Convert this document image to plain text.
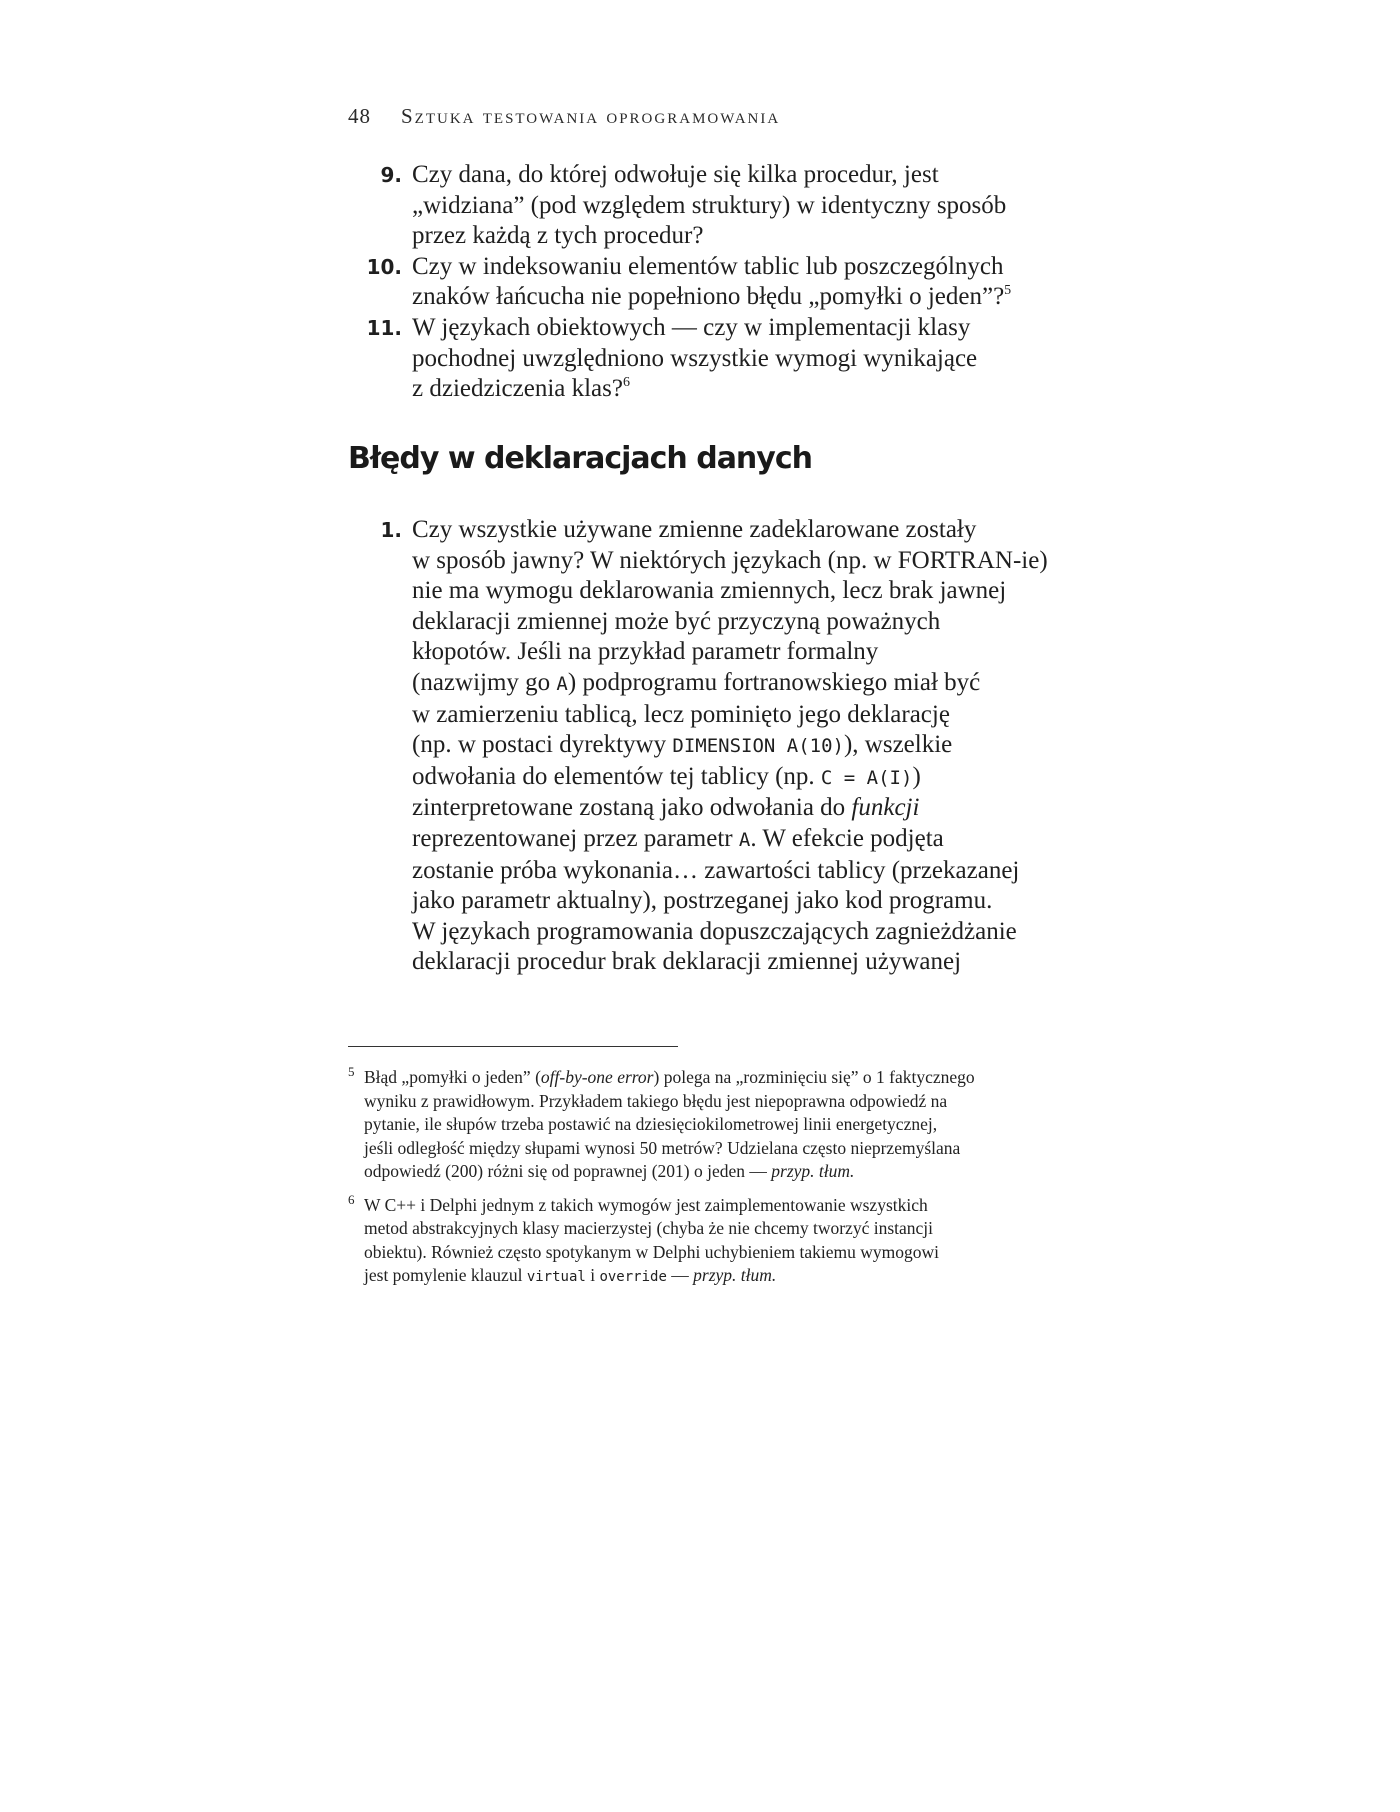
48 Sztuka testowania oprogramowania
9. Czy dana, do której odwołuje się kilka procedur, jest
„widziana” (pod względem struktury) w identyczny sposób
przez każdą z tych procedur?
10. Czy w indeksowaniu elementów tablic lub poszczególnych
znaków łańcucha nie popełniono błędu „pomyłki o jeden”?$^5$
11. W językach obiektowych — czy w implementacji klasy
pochodnej uwzględniono wszystkie wymogi wynikające
z dziedziczenia klas?$^6$
Błędy w deklaracjach danych
1. Czy wszystkie używane zmienne zadeklarowane zostały
w sposób jawny? W niektórych językach (np. w FORTRAN-ie)
nie ma wymogu deklarowania zmiennych, lecz brak jawnej
deklaracji zmiennej może być przyczyną poważnych
kłopotów. Jeśli na przykład parametr formalny
(nazwijmy go A) podprogramu fortranowskiego miał być
w zamierzeniu tablicą, lecz pominięto jego deklarację
(np. w postaci dyrektywy DIMENSION A(10)), wszelkie
odwołania do elementów tej tablicy (np. C = A(I))
zinterpretowane zostaną jako odwołania do funkcji
reprezentowanej przez parametr A. W efekcie podjęta
zostanie próba wykonania… zawartości tablicy (przekazanej
jako parametr aktualny), postrzeganej jako kod programu.
W językach programowania dopuszczających zagnieżdżanie
deklaracji procedur brak deklaracji zmiennej używanej
5 Błąd „pomyłki o jeden” (off-by-one error) polega na „rozminięciu się” o 1 faktycznego
wyniku z prawidłowym. Przykładem takiego błędu jest niepoprawna odpowiedź na
pytanie, ile słupów trzeba postawić na dziesięciokilometrowej linii energetycznej,
jeśli odległość między słupami wynosi 50 metrów? Udzielana często nieprzemyślana
odpowiedź (200) różni się od poprawnej (201) o jeden — przyp. tłum.
6 W C++ i Delphi jednym z takich wymogów jest zaimplementowanie wszystkich
metod abstrakcyjnych klasy macierzystej (chyba że nie chcemy tworzyć instancji
obiektu). Również często spotykanym w Delphi uchybieniem takiemu wymogowi
jest pomylenie klauzul virtual i override — przyp. tłum.
